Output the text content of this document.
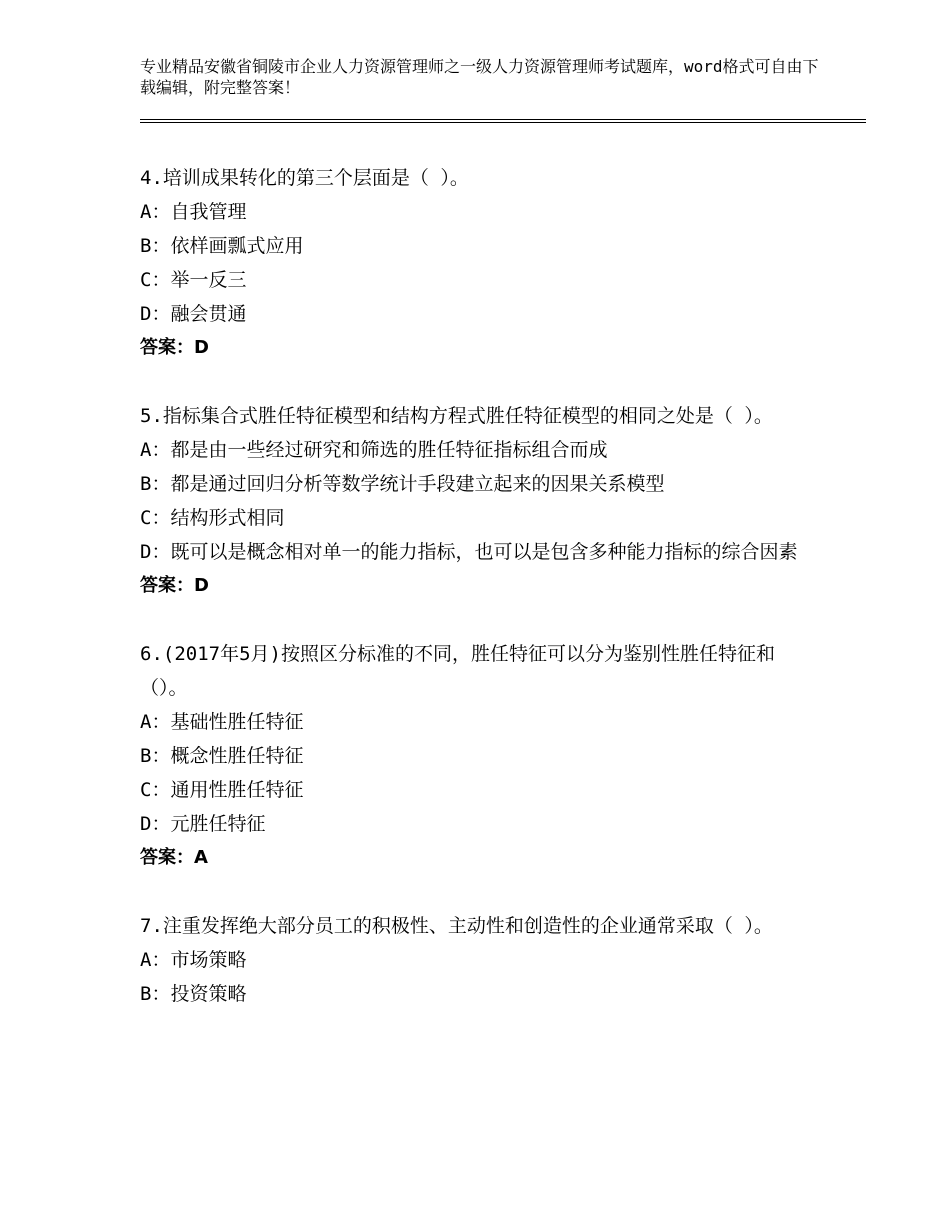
专业精品安徽省铜陵市企业人力资源管理师之一级人力资源管理师考试题库，word格式可自由下载编辑，附完整答案！

4.培训成果转化的第三个层面是（ ）。

A：自我管理

B：依样画瓢式应用

C：举一反三

D：融会贯通

答案：D

5.指标集合式胜任特征模型和结构方程式胜任特征模型的相同之处是（ ）。

A：都是由一些经过研究和筛选的胜任特征指标组合而成

B：都是通过回归分析等数学统计手段建立起来的因果关系模型

C：结构形式相同

D：既可以是概念相对单一的能力指标，也可以是包含多种能力指标的综合因素

答案：D

6.(2017年5月)按照区分标准的不同，胜任特征可以分为鉴别性胜任特征和（）。

A：基础性胜任特征

B：概念性胜任特征

C：通用性胜任特征

D：元胜任特征

答案：A

7.注重发挥绝大部分员工的积极性、主动性和创造性的企业通常采取（ ）。

A：市场策略

B：投资策略
